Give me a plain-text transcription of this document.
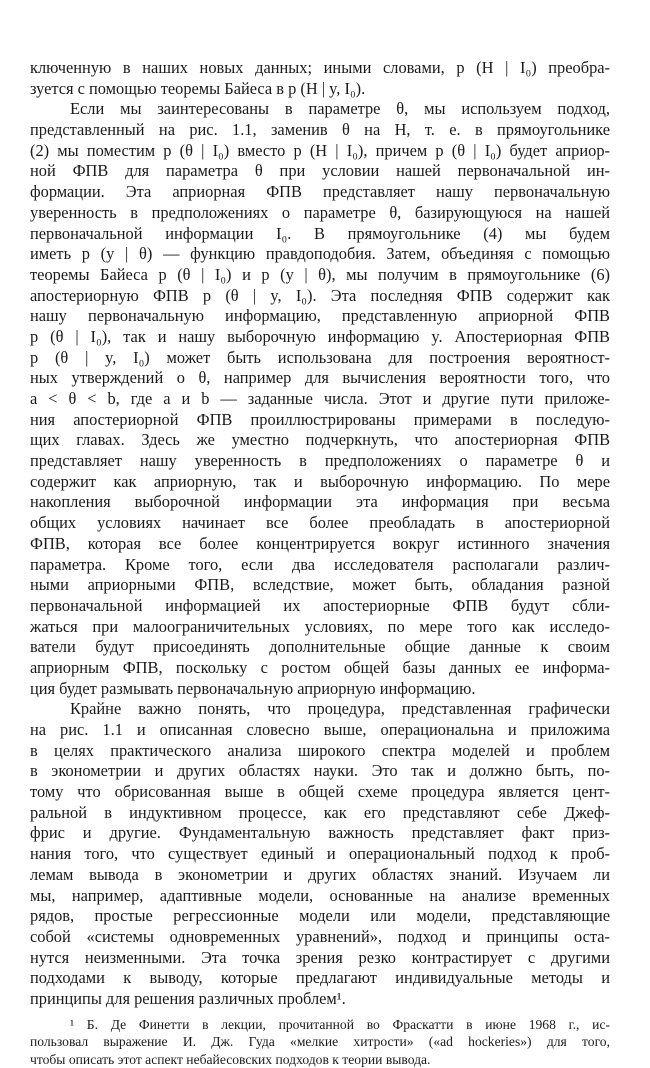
ключенную в наших новых данных; иными словами, p (H | I₀) преобра-
зуется с помощью теоремы Байеса в p (H | y, I₀).
Если мы заинтересованы в параметре θ, мы используем подход,
представленный на рис. 1.1, заменив θ на H, т. е. в прямоугольнике
(2) мы поместим p (θ | I₀) вместо p (H | I₀), причем p (θ | I₀) будет априор-
ной ФПВ для параметра θ при условии нашей первоначальной ин-
формации. Эта априорная ФПВ представляет нашу первоначальную
уверенность в предположениях о параметре θ, базирующуюся на нашей
первоначальной информации I₀. В прямоугольнике (4) мы будем
иметь p (y | θ) — функцию правдоподобия. Затем, объединяя с помощью
теоремы Байеса p (θ | I₀) и p (y | θ), мы получим в прямоугольнике (6)
апостериорную ФПВ p (θ | y, I₀). Эта последняя ФПВ содержит как
нашу первоначальную информацию, представленную априорной ФПВ
p (θ | I₀), так и нашу выборочную информацию y. Апостериорная ФПВ
p (θ | y, I₀) может быть использована для построения вероятност-
ных утверждений о θ, например для вычисления вероятности того, что
a < θ < b, где a и b — заданные числа. Этот и другие пути приложе-
ния апостериорной ФПВ проиллюстрированы примерами в последую-
щих главах. Здесь же уместно подчеркнуть, что апостериорная ФПВ
представляет нашу уверенность в предположениях о параметре θ и
содержит как априорную, так и выборочную информацию. По мере
накопления выборочной информации эта информация при весьма
общих условиях начинает все более преобладать в апостериорной
ФПВ, которая все более концентрируется вокруг истинного значения
параметра. Кроме того, если два исследователя располагали различ-
ными априорными ФПВ, вследствие, может быть, обладания разной
первоначальной информацией их апостериорные ФПВ будут сбли-
жаться при малоограничительных условиях, по мере того как исследо-
ватели будут присоединять дополнительные общие данные к своим
априорным ФПВ, поскольку с ростом общей базы данных ее информа-
ция будет размывать первоначальную априорную информацию.
Крайне важно понять, что процедура, представленная графически
на рис. 1.1 и описанная словесно выше, операциональна и приложима
в целях практического анализа широкого спектра моделей и проблем
в эконометрии и других областях науки. Это так и должно быть, по-
тому что обрисованная выше в общей схеме процедура является цент-
ральной в индуктивном процессе, как его представляют себе Джеф-
фрис и другие. Фундаментальную важность представляет факт приз-
нания того, что существует единый и операциональный подход к проб-
лемам вывода в эконометрии и других областях знаний. Изучаем ли
мы, например, адаптивные модели, основанные на анализе временных
рядов, простые регрессионные модели или модели, представляющие
собой «системы одновременных уравнений», подход и принципы оста-
нутся неизменными. Эта точка зрения резко контрастирует с другими
подходами к выводу, которые предлагают индивидуальные методы и
принципы для решения различных проблем¹.
¹ Б. Де Финетти в лекции, прочитанной во Фраскатти в июне 1968 г., ис-
пользовал выражение И. Дж. Гуда «мелкие хитрости» («ad hockeries») для того,
чтобы описать этот аспект небайесовских подходов к теории вывода.
